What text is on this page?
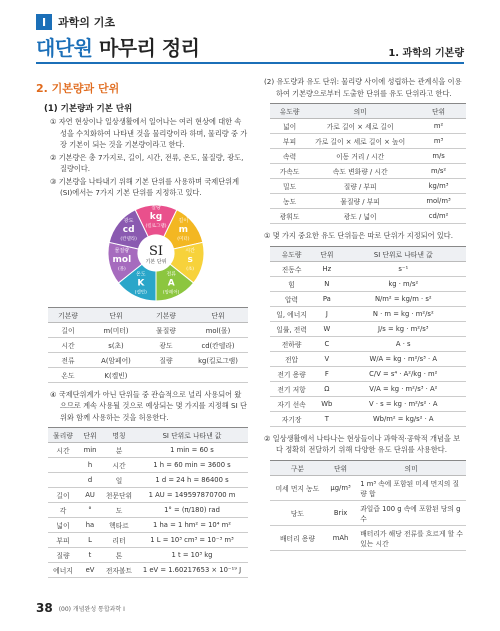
I	과학의 기초
대단원 마무리 정리	1. 과학의 기본량
2. 기본량과 단위
(1) 기본량과 기본 단위
① 자연 현상이나 일상생활에서 일어나는 여러 현상에 대한 속성을 수치화하여 나타낸 것을 물리량이라 하며, 물리량 중 가장 기본이 되는 것을 기본량이라고 한다.
② 기본량은 총 7가지로, 길이, 시간, 전류, 온도, 물질량, 광도, 질량이다.
③ 기본량을 나타내기 위해 기본 단위를 사용하며 국제단위계(SI)에서는 7가지 기본 단위를 지정하고 있다.
질량
kg
(킬로그램)
길이
m
(미터)
시간
s
(초)
전류
A
(암페어)
온도
K
(켈빈)
물질량
mol
(몰)
광도
cd
(칸델라)
SI
기본 단위
기본량	단위	기본량	단위
길이	m(미터)	물질량	mol(몰)
시간	s(초)	광도	cd(칸델라)
전류	A(암페어)	질량	kg(킬로그램)
온도	K(켈빈)		
④ 국제단위계가 아닌 단위들 중 관습적으로 널리 사용되어 왔으므로 계속 사용될 것으로 예상되는 몇 가지를 지정해 SI 단위와 함께 사용하는 것을 허용한다.
물리량	단위	명칭	SI 단위로 나타낸 값
시간	min	분	1 min = 60 s
	h	시간	1 h = 60 min = 3600 s
	d	일	1 d = 24 h = 86400 s
길이	AU	천문단위	1 AU = 149597870700 m
각	°	도	1° = (π/180) rad
넓이	ha	헥타르	1 ha = 1 hm² = 10⁴ m²
부피	L	리터	1 L = 10³ cm³ = 10⁻³ m³
질량	t	톤	1 t = 10³ kg
에너지	eV	전자볼트	1 eV = 1.60217653 × 10⁻¹⁹ J
(2) 유도량과 유도 단위: 물리량 사이에 성립하는 관계식을 이용하여 기본량으로부터 도출한 단위를 유도 단위라고 한다.
유도량	의미	단위
넓이	가로 길이 × 세로 길이	m²
부피	가로 길이 × 세로 길이 × 높이	m³
속력	이동 거리 / 시간	m/s
가속도	속도 변화량 / 시간	m/s²
밀도	질량 / 부피	kg/m³
농도	물질량 / 부피	mol/m³
광휘도	광도 / 넓이	cd/m²
① 몇 가지 중요한 유도 단위들은 따로 단위가 지정되어 있다.
유도량	단위	SI 단위로 나타낸 값
진동수	Hz	s⁻¹
힘	N	kg · m/s²
압력	Pa	N/m² = kg/m · s²
일, 에너지	J	N · m = kg · m²/s²
일률, 전력	W	J/s = kg · m²/s³
전하량	C	A · s
전압	V	W/A = kg · m²/s³ · A
전기 용량	F	C/V = s⁴ · A²/kg · m²
전기 저항	Ω	V/A = kg · m²/s³ · A²
자기 선속	Wb	V · s = kg · m²/s² · A
자기장	T	Wb/m² = kg/s² · A
② 일상생활에서 나타나는 현상들이나 과학적·공학적 개념을 보다 정확히 전달하기 위해 다양한 유도 단위를 사용한다.
구분	단위	의미
미세 먼지 농도	μg/m³	1 m³ 속에 포함된 미세 먼지의 질량 합
당도	Brix	과일즙 100 g 속에 포함된 당의 g수
배터리 용량	mAh	배터리가 해당 전류를 흐르게 할 수 있는 시간
38 (00) 개념완성 통합과학 I
